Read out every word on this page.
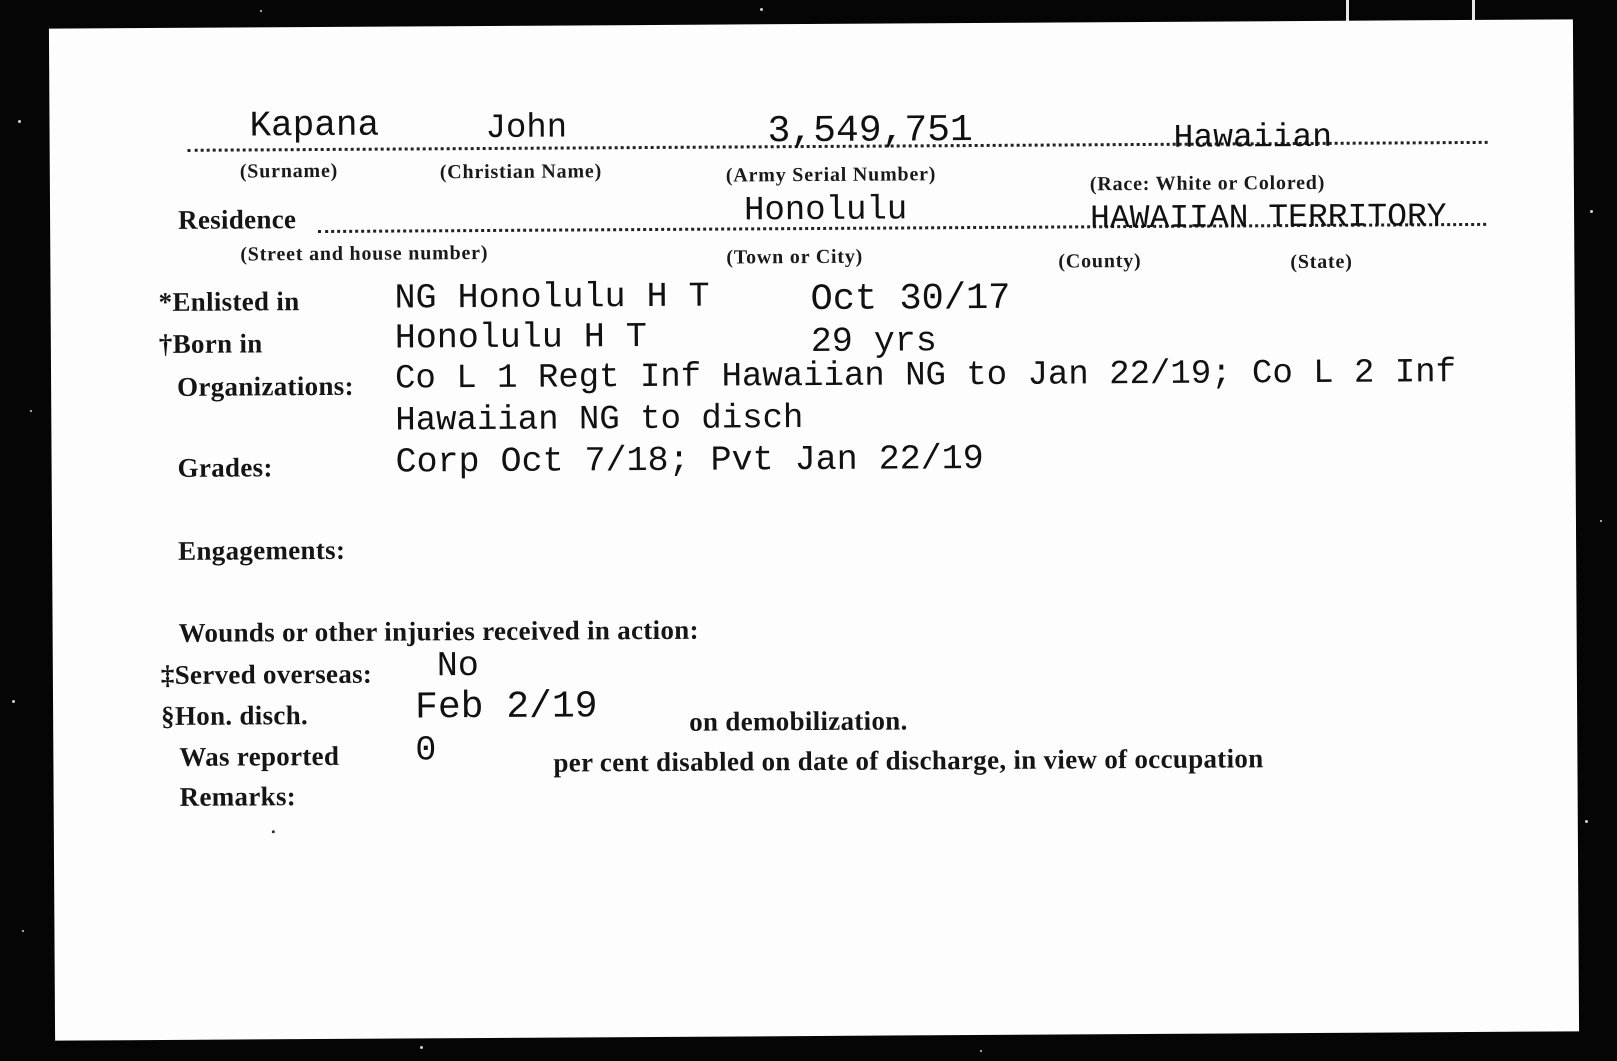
Kapana	John	3,549,751	Hawaiian
(Surname)	(Christian Name)	(Army Serial Number)	(Race: White or Colored)
Residence	Honolulu	HAWAIIAN TERRITORY
(Street and house number)	(Town or City)	(County)	(State)
*Enlisted in	NG Honolulu H T	Oct 30/17
†Born in	Honolulu H T	29 yrs
Organizations: Co L 1 Regt Inf Hawaiian NG to Jan 22/19; Co L 2 Inf
Hawaiian NG to disch
Grades:	Corp Oct 7/18; Pvt Jan 22/19
Engagements:
Wounds or other injuries received in action:
‡Served overseas: No
§Hon. disch.	Feb 2/19	on demobilization.
Was reported 0	per cent disabled on date of discharge, in view of occupation
Remarks:
